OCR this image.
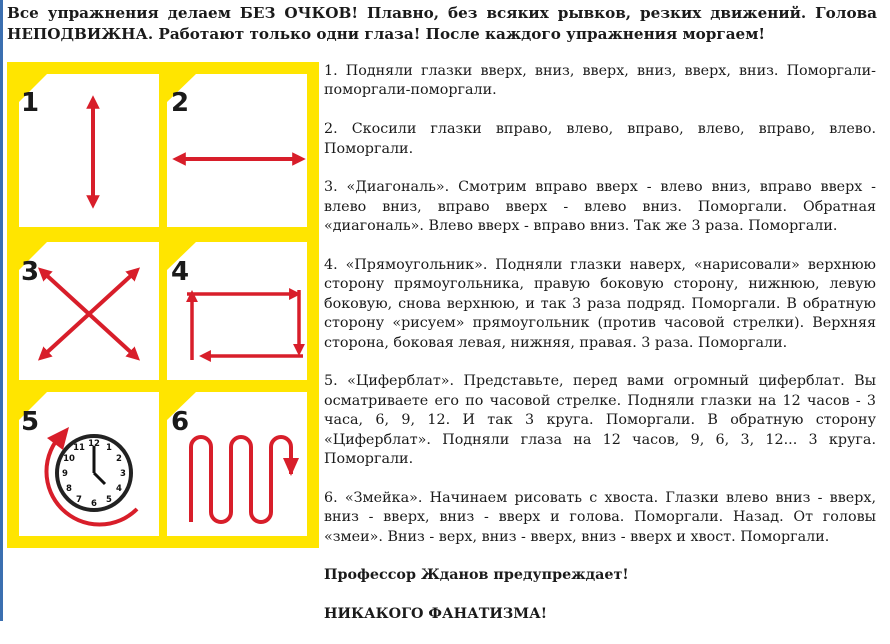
Все упражнения делаем БЕЗ ОЧКОВ! Плавно, без всяких рывков, резких движений. Голова НЕПОДВИЖНА. Работают только одни глаза! После каждого упражнения моргаем!

1	2
3	4
5
12 1
2
3
4
5
6
7
8
9
10
11
6

1. Подняли глазки вверх, вниз, вверх, вниз, вверх, вниз. Поморгали-поморгали-поморгали.

2. Скосили глазки вправо, влево, вправо, влево, вправо, влево. Поморгали.

3. «Диагональ». Смотрим вправо вверх - влево вниз, вправо вверх - влево вниз, вправо вверх - влево вниз. Поморгали. Обратная «диагональ». Влево вверх - вправо вниз. Так же 3 раза. Поморгали.

4. «Прямоугольник». Подняли глазки наверх, «нарисовали» верхнюю сторону прямоугольника, правую боковую сторону, нижнюю, левую боковую, снова верхнюю, и так 3 раза подряд. Поморгали. В обратную сторону «рисуем» прямоугольник (против часовой стрелки). Верхняя сторона, боковая левая, нижняя, правая. 3 раза. Поморгали.

5. «Циферблат». Представьте, перед вами огромный циферблат. Вы осматриваете его по часовой стрелке. Подняли глазки на 12 часов - 3 часа, 6, 9, 12. И так 3 круга. Поморгали. В обратную сторону «Циферблат». Подняли глаза на 12 часов, 9, 6, 3, 12... 3 круга. Поморгали.

6. «Змейка». Начинаем рисовать с хвоста. Глазки влево вниз - вверх, вниз - вверх, вниз - вверх и голова. Поморгали. Назад. От головы «змеи». Вниз - верх, вниз - вверх, вниз - вверх и хвост. Поморгали.

Профессор Жданов предупреждает!

НИКАКОГО ФАНАТИЗМА!
